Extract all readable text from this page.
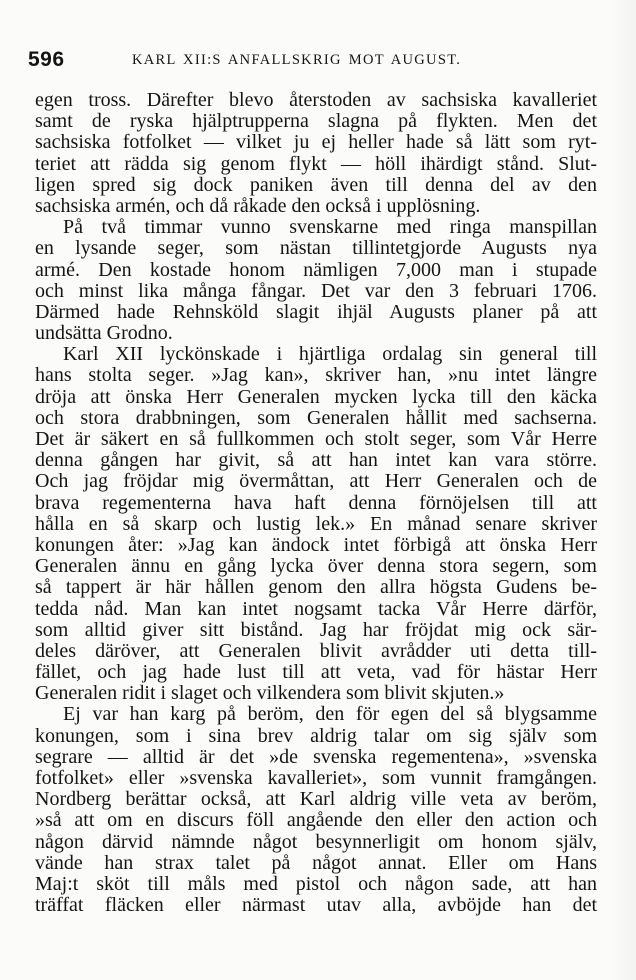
596	KARL XII:S ANFALLSKRIG MOT AUGUST.
egen tross. Därefter blevo återstoden av sachsiska kavalleriet
samt de ryska hjälptrupperna slagna på flykten. Men det
sachsiska fotfolket — vilket ju ej heller hade så lätt som ryt-
teriet att rädda sig genom flykt — höll ihärdigt stånd. Slut-
ligen spred sig dock paniken även till denna del av den
sachsiska armén, och då råkade den också i upplösning.
På två timmar vunno svenskarne med ringa manspillan
en lysande seger, som nästan tillintetgjorde Augusts nya
armé. Den kostade honom nämligen 7,000 man i stupade
och minst lika många fångar. Det var den 3 februari 1706.
Därmed hade Rehnsköld slagit ihjäl Augusts planer på att
undsätta Grodno.
Karl XII lyckönskade i hjärtliga ordalag sin general till
hans stolta seger. »Jag kan», skriver han, »nu intet längre
dröja att önska Herr Generalen mycken lycka till den käcka
och stora drabbningen, som Generalen hållit med sachserna.
Det är säkert en så fullkommen och stolt seger, som Vår Herre
denna gången har givit, så att han intet kan vara större.
Och jag fröjdar mig övermåttan, att Herr Generalen och de
brava regementerna hava haft denna förnöjelsen till att
hålla en så skarp och lustig lek.» En månad senare skriver
konungen åter: »Jag kan ändock intet förbigå att önska Herr
Generalen ännu en gång lycka över denna stora segern, som
så tappert är här hållen genom den allra högsta Gudens be-
tedda nåd. Man kan intet nogsamt tacka Vår Herre därför,
som alltid giver sitt bistånd. Jag har fröjdat mig ock sär-
deles däröver, att Generalen blivit avrådder uti detta till-
fället, och jag hade lust till att veta, vad för hästar Herr
Generalen ridit i slaget och vilkendera som blivit skjuten.»
Ej var han karg på beröm, den för egen del så blygsamme
konungen, som i sina brev aldrig talar om sig själv som
segrare — alltid är det »de svenska regementena», »svenska
fotfolket» eller »svenska kavalleriet», som vunnit framgången.
Nordberg berättar också, att Karl aldrig ville veta av beröm,
»så att om en discurs föll angående den eller den action och
någon därvid nämnde något besynnerligit om honom själv,
vände han strax talet på något annat. Eller om Hans
Maj:t sköt till måls med pistol och någon sade, att han
träffat fläcken eller närmast utav alla, avböjde han det
